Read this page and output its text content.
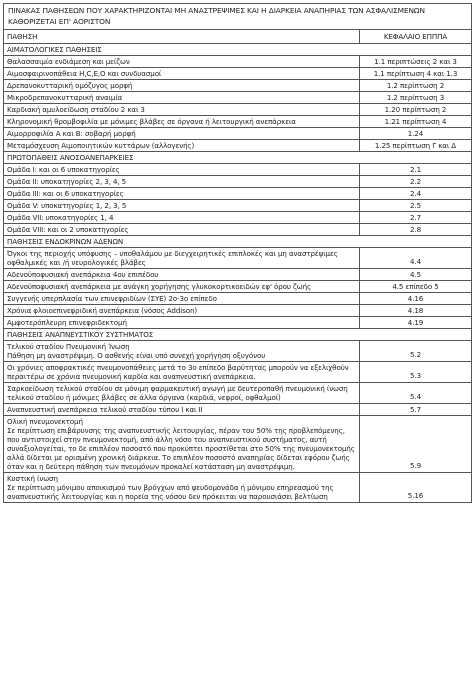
ΠΙΝΑΚΑΣ ΠΑΘΗΣΕΩΝ ΠΟΥ ΧΑΡΑΚΤΗΡΙΖΟΝΤΑΙ ΜΗ ΑΝΑΣΤΡΕΨΙΜΕΣ ΚΑΙ Η ΔΙΑΡΚΕΙΑ ΑΝΑΠΗΡΙΑΣ ΤΩΝ ΑΣΦΑΛΙΣΜΕΝΩΝ ΚΑΘΟΡΙΖΕΤΑΙ ΕΠ' ΑΟΡΙΣΤΟΝ
ΠΑΘΗΣΗ	ΚΕΦΑΛΑΙΟ ΕΠΠΠΑ
ΑΙΜΑΤΟΛΟΓΙΚΕΣ ΠΑΘΗΣΕΙΣ
Θαλασσαιμία ενδιάμεση και μείζων	1.1 περιπτώσεις 2 και 3
Αιμοσφαιρινοπάθεια Η,C,E,O και συνδυασμοί	1.1 περίπτωση 4 και 1.3
Δρεπανοκυτταρική ομόζυγος μορφή	1.2 περίπτωση 2
Μικροδρεπανοκυτταρική αναιμία	1.2 περίπτωση 3
Καρδιακή αμυλοείδωση σταδίου 2 και 3	1.20 περίπτωση 2
Κληρονομική θρομβοφιλία με μόνιμες βλάβες σε όργανα ή λειτουργική ανεπάρκεια	1.21 περίπτωση 4
Αιμορροφιλία Α και Β: σοβαρή μορφή	1.24
Μεταμόσχευση Αιμοποιητικών κυττάρων (αλλογενής)	1.25 περίπτωση Γ και Δ
ΠΡΩΤΟΠΑΘΕΙΣ ΑΝΟΣΟΑΝΕΠΑΡΚΕΙΕΣ
Ομάδα I: και οι 6 υποκατηγορίες	2.1
Ομάδα II: υποκατηγορίες 2, 3, 4, 5	2.2
Ομάδα III: και οι 6 υποκατηγορίες	2.4
Ομάδα V: υποκατηγορίες 1, 2, 3, 5	2.5
Ομάδα VII: υποκατηγορίες 1, 4	2.7
Ομάδα VIII: και οι 2 υποκατηγορίες	2.8
ΠΑΘΗΣΕΙΣ ΕΝΔΟΚΡΙΝΩΝ ΑΔΕΝΩΝ
Όγκοι της περιοχής υπόφυσης – υποθαλάμου με διεγχειρητικές επιπλοκές και μη αναστρέψιμες οφθαλμικές και /ή νευρολογικές βλάβες	4.4
Αδενοϋποφυσιακή ανεπάρκεια 4ου επιπέδου	4.5
Αδενοϋποφυσιακή ανεπάρκεια με ανάγκη χορήγησης γλυκοκορτικοειδών εφ' όρου ζωής	4.5 επίπεδο 5
Συγγενής υπερπλασία των επινεφριδίων (ΣΥΕ) 2ο-3ο επίπεδο	4.16
Χρόνια φλοιοεπινεφριδική ανεπάρκεια (νόσος Addison)	4.18
Αμφοτερόπλευρη επινεφριδεκτομή	4.19
ΠΑΘΗΣΕΙΣ ΑΝΑΠΝΕΥΣΤΙΚΟΥ ΣΥΣΤΗΜΑΤΟΣ
Τελικού σταδίου Πνευμονική Ίνωση
Πάθηση μη αναστρέψιμη. Ο ασθενής είναι υπό συνεχή χορήγηση οξυγόνου	5.2
Οι χρόνιες αποφρακτικές πνευμονοπάθειες μετά το 3ο επίπεδο βαρύτητας μπορούν να εξελιχθούν περαιτέρω σε χρόνια πνευμονική καρδία και αναπνευστική ανεπάρκεια.	5.3
Σαρκοείδωση τελικού σταδίου σε μόνιμη φαρμακευτική αγωγή με δευτεροπαθή πνευμονική ίνωση τελικού σταδίου ή μόνιμες βλάβες σε άλλα όργανα (καρδιά, νεφροί, οφθαλμοί)	5.4
Αναπνευστική ανεπάρκεια τελικού σταδίου τύπου I και II	5.7
Ολική πνευμονεκτομή
Σε περίπτωση επιβάρυνσης της αναπνευστικής λειτουργίας, πέραν του 50% της προβλεπόμενης, που αντιστοιχεί στην πνευμονεκτομή, από άλλη νόσο του αναπνευστικού συστήματος, αυτή συναξιολογείται, το δε επιπλέον ποσοστό που προκύπτει προστίθεται στο 50% της πνευμονεκτομής αλλά δίδεται με ορισμένη χρονική διάρκεια. Το επιπλέον ποσοστό αναπηρίας δίδεται εφόρου ζωής όταν και η δεύτερη πάθηση των πνευμόνων προκαλεί κατάσταση μη αναστρέψιμη.	5.9
Κυστική ίνωση
Σε περίπτωση μόνιμου αποικισμού των βρόγχων από ψευδομονάδα ή μόνιμου επηρεασμού της αναπνευστικής λειτουργίας και η πορεία της νόσου δεν πρόκειται να παρουσιάσει βελτίωση	5.16
